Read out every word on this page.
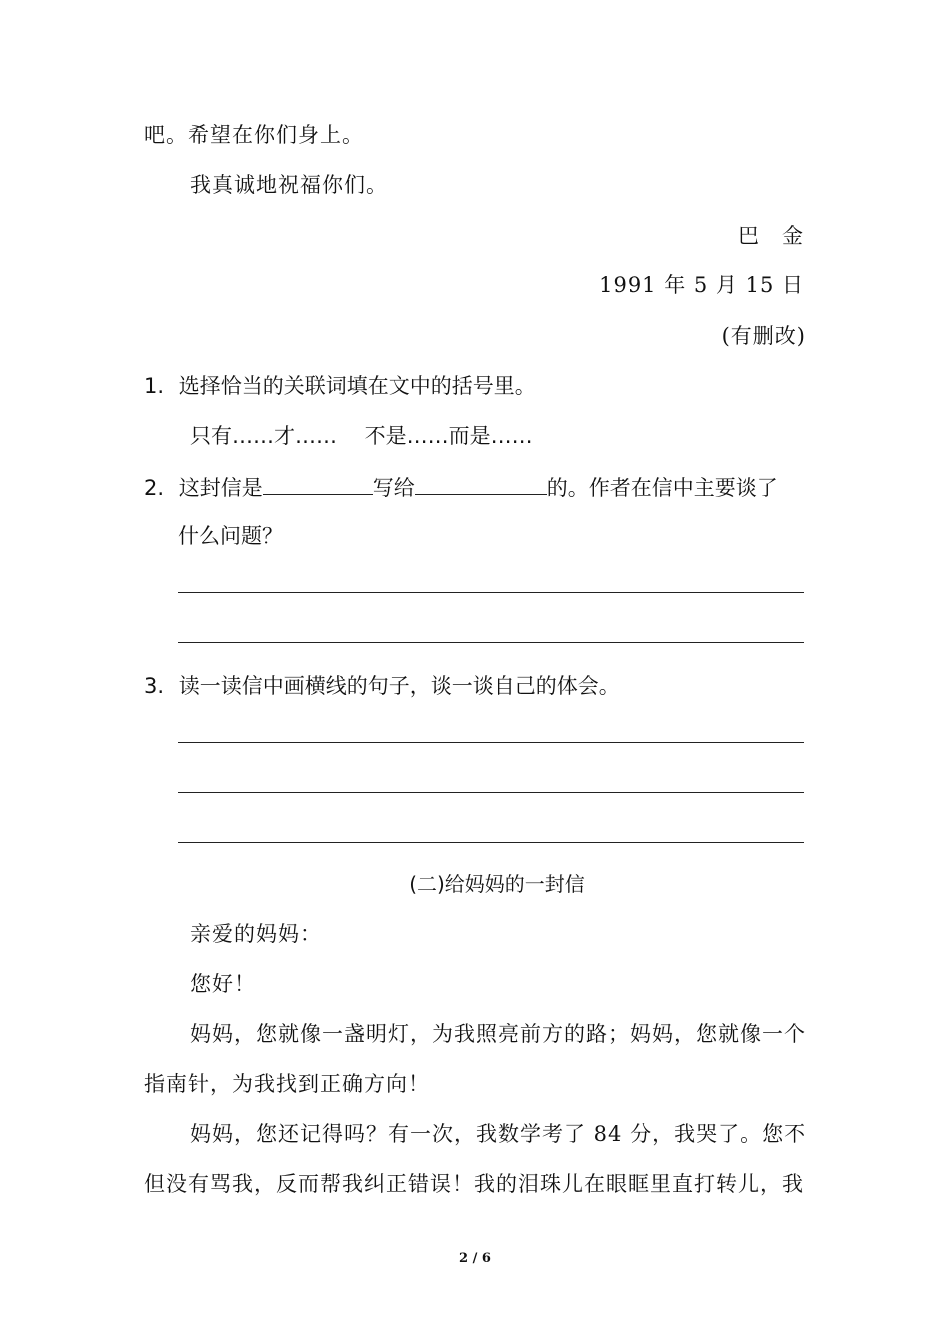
吧。希望在你们身上。
我真诚地祝福你们。
巴　金
1991 年 5 月 15 日
(有删改)
1. 选择恰当的关联词填在文中的括号里。
只有……才……　 不是……而是……
2. 这封信是	写给	的。作者在信中主要谈了
什么问题？
3. 读一读信中画横线的句子，谈一谈自己的体会。
(二)给妈妈的一封信
亲爱的妈妈：
您好！
妈妈，您就像一盏明灯，为我照亮前方的路；妈妈，您就像一个
指南针，为我找到正确方向！
妈妈，您还记得吗？有一次，我数学考了 84 分，我哭了。您不
但没有骂我，反而帮我纠正错误！我的泪珠儿在眼眶里直打转儿，我
2 / 6
